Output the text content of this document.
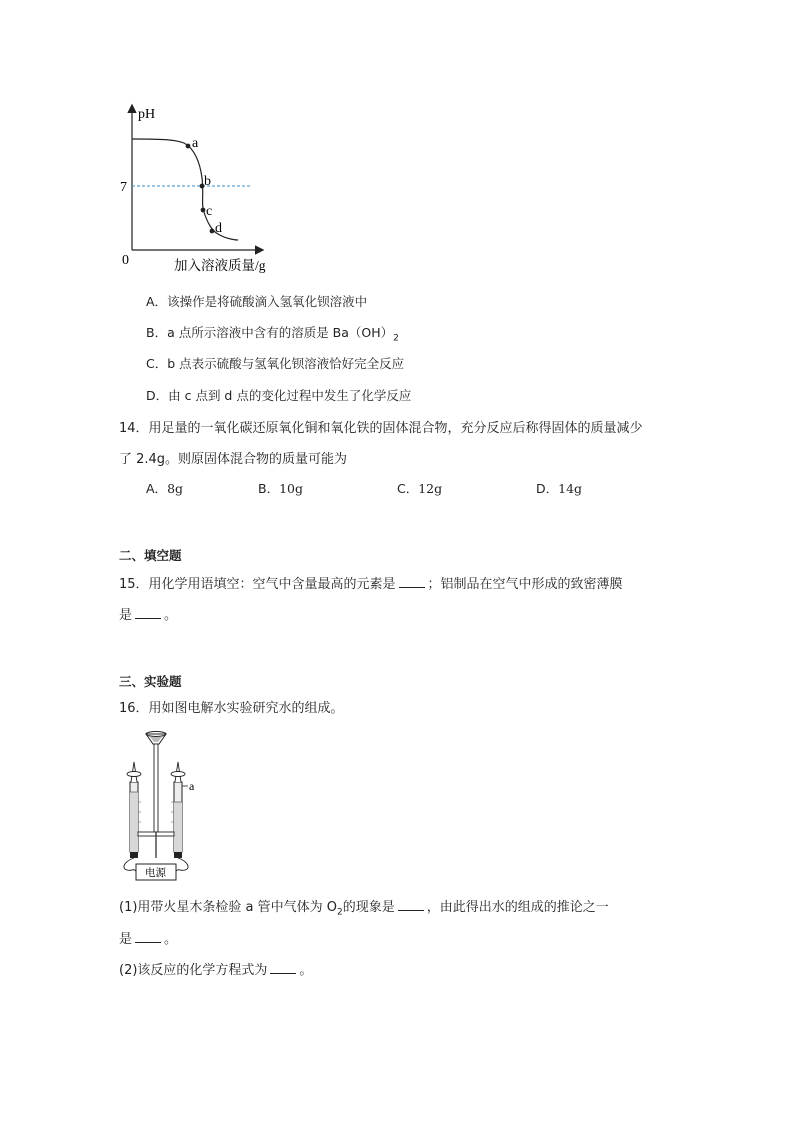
pH
7
0
a
b
c
d
加入溶液质量/g
A．该操作是将硫酸滴入氢氧化钡溶液中
B．a 点所示溶液中含有的溶质是 $Ba(OH)_2$
C．b 点表示硫酸与氢氧化钡溶液恰好完全反应
D．由 c 点到 d 点的变化过程中发生了化学反应
14．用足量的一氧化碳还原氧化铜和氧化铁的固体混合物，充分反应后称得固体的质量减少
了 2.4g。则原固体混合物的质量可能为
A．8g	B．10g	C．12g	D．14g
二、填空题
15．用化学用语填空：空气中含量最高的元素是 ；铝制品在空气中形成的致密薄膜
是 。
三、实验题
16．用如图电解水实验研究水的组成。
a
电源
(1)用带火星木条检验 a 管中气体为 $O_2$的现象是 ，由此得出水的组成的推论之一
是 。
(2)该反应的化学方程式为 。
